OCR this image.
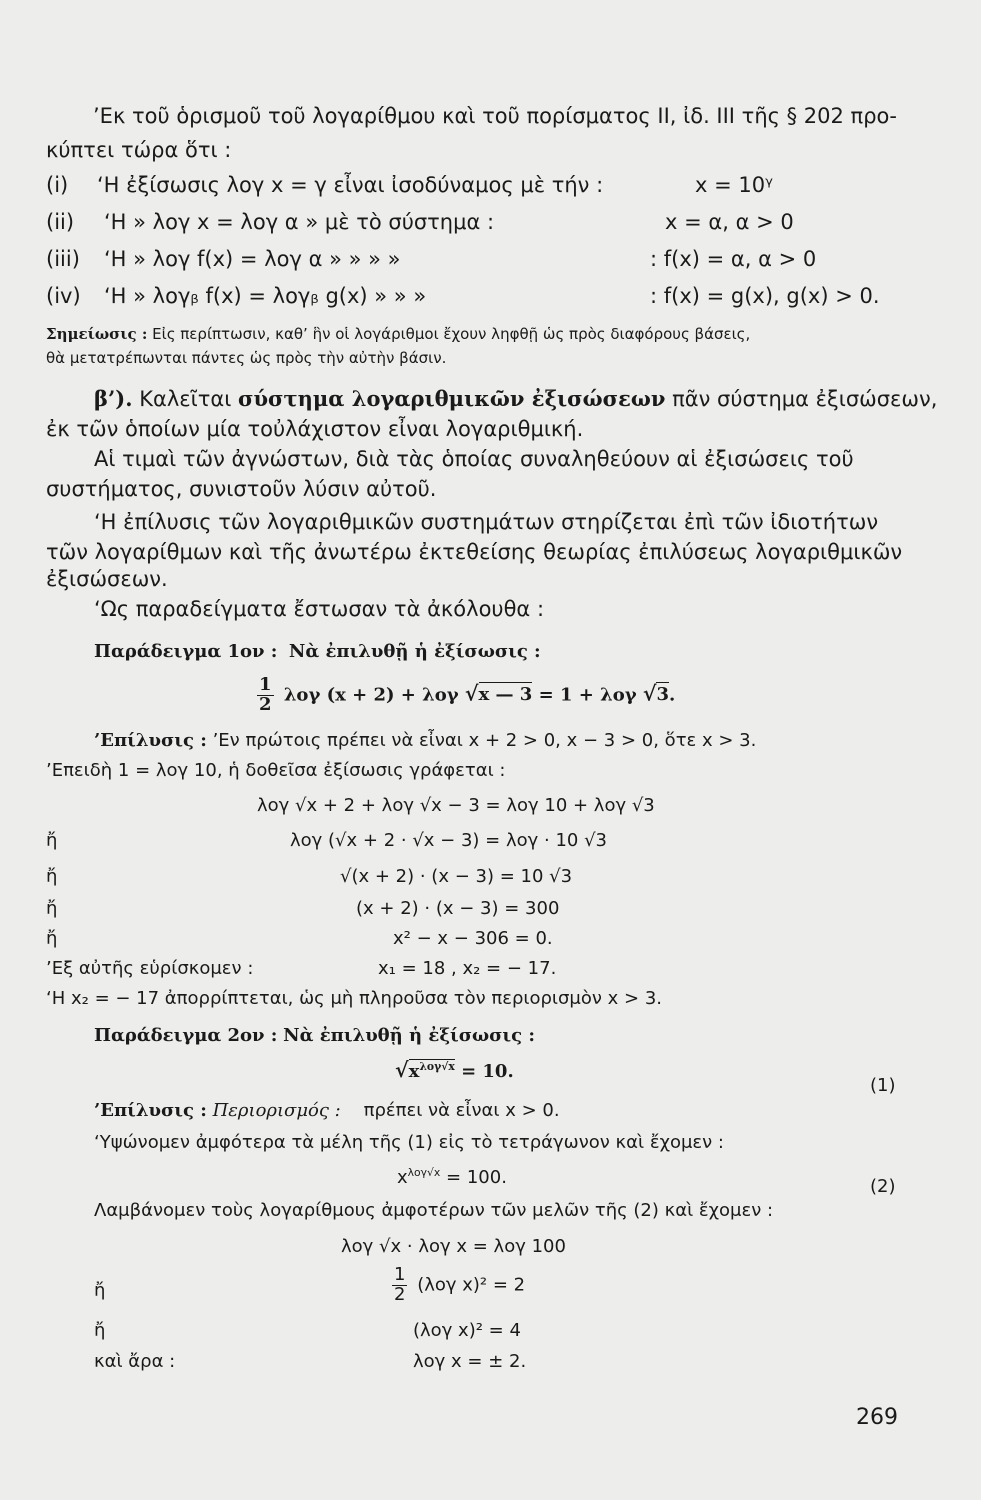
’Εκ τοῦ ὁρισμοῦ τοῦ λογαρίθμου καὶ τοῦ πορίσματος II, ἰδ. III τῆς § 202 προ-
κύπτει τώρα ὅτι :
(i) ‘Η ἐξίσωσις λογ x = γ εἶναι ἰσοδύναμος μὲ τήν :	x = 10ᵞ
(ii) ‘Η » λογ x = λογ α » μὲ τὸ σύστημα :	x = α, α > 0
(iii) ‘Η » λογ f(x) = λογ α » » » »	: f(x) = α, α > 0
(iv) ‘Η » λογᵦ f(x) = λογᵦ g(x) » » »	: f(x) = g(x), g(x) > 0.
Σημείωσις : Εἰς περίπτωσιν, καθ’ ἣν οἱ λογάριθμοι ἔχουν ληφθῇ ὡς πρὸς διαφόρους βάσεις,
θὰ μετατρέπωνται πάντες ὡς πρὸς τὴν αὐτὴν βάσιν.
β’). Καλεῖται σύστημα λογαριθμικῶν ἐξισώσεων πᾶν σύστημα ἐξισώσεων,
ἐκ τῶν ὁποίων μία τοὐλάχιστον εἶναι λογαριθμική.
Αἱ τιμαὶ τῶν ἀγνώστων, διὰ τὰς ὁποίας συναληθεύουν αἱ ἐξισώσεις τοῦ
συστήματος, συνιστοῦν λύσιν αὐτοῦ.
‘Η ἐπίλυσις τῶν λογαριθμικῶν συστημάτων στηρίζεται ἐπὶ τῶν ἰδιοτήτων
τῶν λογαρίθμων καὶ τῆς ἀνωτέρω ἐκτεθείσης θεωρίας ἐπιλύσεως λογαριθμικῶν
ἐξισώσεων.
‘Ως παραδείγματα ἔστωσαν τὰ ἀκόλουθα :
Παράδειγμα 1ον : Νὰ ἐπιλυθῇ ἡ ἐξίσωσις :
$\frac{1}{2}$ λογ (x + 2) + λογ √x — 3 = 1 + λογ √3.
’Επίλυσις : ’Εν πρώτοις πρέπει νὰ εἶναι x + 2 > 0, x − 3 > 0, ὅτε x > 3.
’Επειδὴ 1 = λογ 10, ἡ δοθεῖσα ἐξίσωσις γράφεται :
λογ √x + 2 + λογ √x − 3 = λογ 10 + λογ √3
ἤ	λογ (√x + 2 · √x − 3) = λογ · 10 √3
ἤ	√(x + 2) · (x − 3) = 10 √3
ἤ	(x + 2) · (x − 3) = 300
ἤ	x² − x − 306 = 0.
’Εξ αὐτῆς εὑρίσκομεν :	x₁ = 18 , x₂ = − 17.
‘Η x₂ = − 17 ἀπορρίπτεται, ὡς μὴ πληροῦσα τὸν περιορισμὸν x > 3.
Παράδειγμα 2ον : Νὰ ἐπιλυθῇ ἡ ἐξίσωσις :
$√x^{\lambda o\gamma√x} = 10$.
(1)
’Επίλυσις : Περιορισμός : πρέπει νὰ εἶναι x > 0.
‘Υψώνομεν ἀμφότερα τὰ μέλη τῆς (1) εἰς τὸ τετράγωνον καὶ ἔχομεν :
$x^{\lambda o\gamma√x} = 100$.	(2)
Λαμβάνομεν τοὺς λογαρίθμους ἀμφοτέρων τῶν μελῶν τῆς (2) καὶ ἔχομεν :
λογ √x · λογ x = λογ 100
ἤ	$\frac{1}{2} (\lambda o\gamma$ x)² = 2
ἤ	(λογ x)² = 4
καὶ ἄρα :	λογ x = ± 2.
269
